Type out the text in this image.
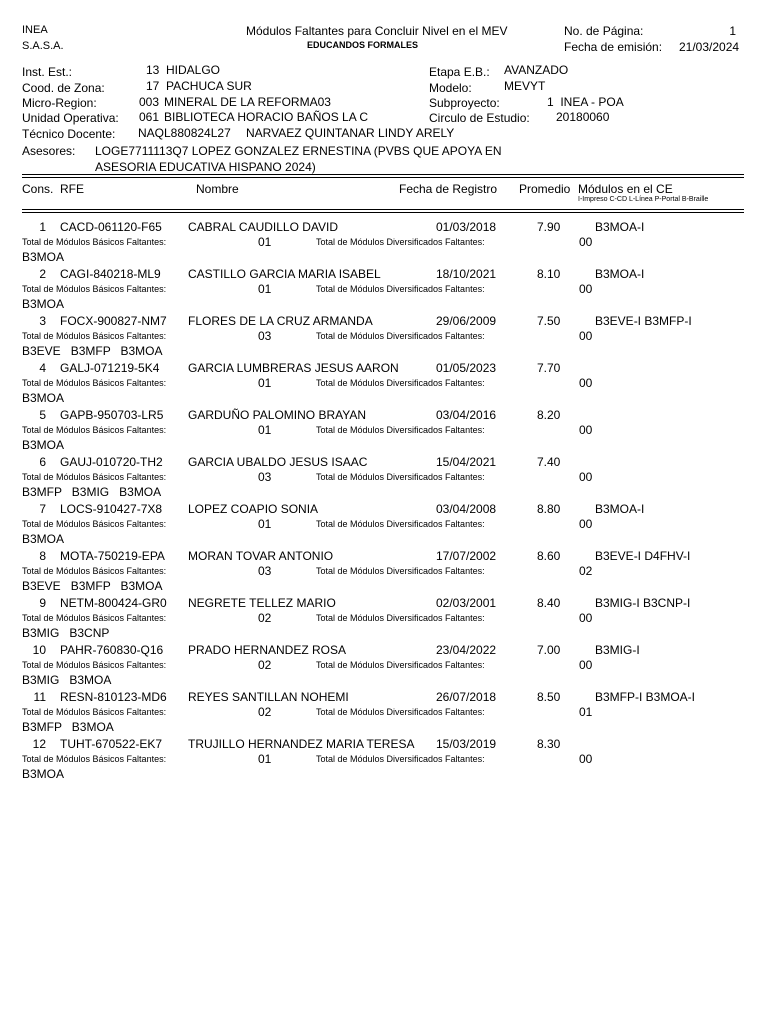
INEA
S.A.S.A.
Módulos Faltantes para Concluir Nivel en el MEV
EDUCANDOS FORMALES
No. de Página:	1
Fecha de emisión: 21/03/2024
Inst. Est.:	13 HIDALGO
Cood. de Zona:	17 PACHUCA SUR
Micro-Region:	003 MINERAL DE LA REFORMA03
Unidad Operativa: 061 BIBLIOTECA HORACIO BAÑOS LA C
Técnico Docente: NAQL880824L27 NARVAEZ QUINTANAR LINDY ARELY
Asesores: LOGE7711113Q7 LOPEZ GONZALEZ ERNESTINA (PVBS QUE APOYA EN
ASESORIA EDUCATIVA HISPANO 2024)
Etapa E.B.: AVANZADO
Modelo:	MEVYT
Subproyecto:	1  INEA - POA
Circulo de Estudio: 20180060
Cons. RFE	Nombre	Fecha de Registro Promedio Módulos en el CE
I-Impreso C-CD L-Línea P-Portal B-Braille
1 CACD-061120-F65 CABRAL CAUDILLO DAVID	01/03/2018	7.90	B3MOA-I
Total de Módulos Básicos Faltantes:	01	Total de Módulos Diversificados Faltantes:	00
B3MOA
2 CAGI-840218-ML9 CASTILLO GARCIA MARIA ISABEL	18/10/2021	8.10	B3MOA-I
Total de Módulos Básicos Faltantes:	01	Total de Módulos Diversificados Faltantes:	00
B3MOA
3 FOCX-900827-NM7 FLORES DE LA CRUZ ARMANDA	29/06/2009	7.50	B3EVE-I B3MFP-I
Total de Módulos Básicos Faltantes:	03	Total de Módulos Diversificados Faltantes:	00
B3EVE   B3MFP   B3MOA
4 GALJ-071219-5K4 GARCIA LUMBRERAS JESUS AARON	01/05/2023	7.70
Total de Módulos Básicos Faltantes:	01	Total de Módulos Diversificados Faltantes:	00
B3MOA
5 GAPB-950703-LR5 GARDUÑO PALOMINO BRAYAN	03/04/2016	8.20
Total de Módulos Básicos Faltantes:	01	Total de Módulos Diversificados Faltantes:	00
B3MOA
6 GAUJ-010720-TH2 GARCIA UBALDO JESUS ISAAC	15/04/2021	7.40
Total de Módulos Básicos Faltantes:	03	Total de Módulos Diversificados Faltantes:	00
B3MFP   B3MIG   B3MOA
7 LOCS-910427-7X8 LOPEZ COAPIO SONIA	03/04/2008	8.80	B3MOA-I
Total de Módulos Básicos Faltantes:	01	Total de Módulos Diversificados Faltantes:	00
B3MOA
8 MOTA-750219-EPA MORAN TOVAR ANTONIO	17/07/2002	8.60	B3EVE-I D4FHV-I
Total de Módulos Básicos Faltantes:	03	Total de Módulos Diversificados Faltantes:	02
B3EVE   B3MFP   B3MOA
9 NETM-800424-GR0 NEGRETE TELLEZ MARIO	02/03/2001	8.40	B3MIG-I B3CNP-I
Total de Módulos Básicos Faltantes:	02	Total de Módulos Diversificados Faltantes:	00
B3MIG   B3CNP
10 PAHR-760830-Q16 PRADO HERNANDEZ ROSA	23/04/2022	7.00	B3MIG-I
Total de Módulos Básicos Faltantes:	02	Total de Módulos Diversificados Faltantes:	00
B3MIG   B3MOA
11 RESN-810123-MD6 REYES SANTILLAN NOHEMI	26/07/2018	8.50	B3MFP-I B3MOA-I
Total de Módulos Básicos Faltantes:	02	Total de Módulos Diversificados Faltantes:	01
B3MFP   B3MOA
12 TUHT-670522-EK7 TRUJILLO HERNANDEZ MARIA TERESA 15/03/2019	8.30
Total de Módulos Básicos Faltantes:	01	Total de Módulos Diversificados Faltantes:	00
B3MOA
